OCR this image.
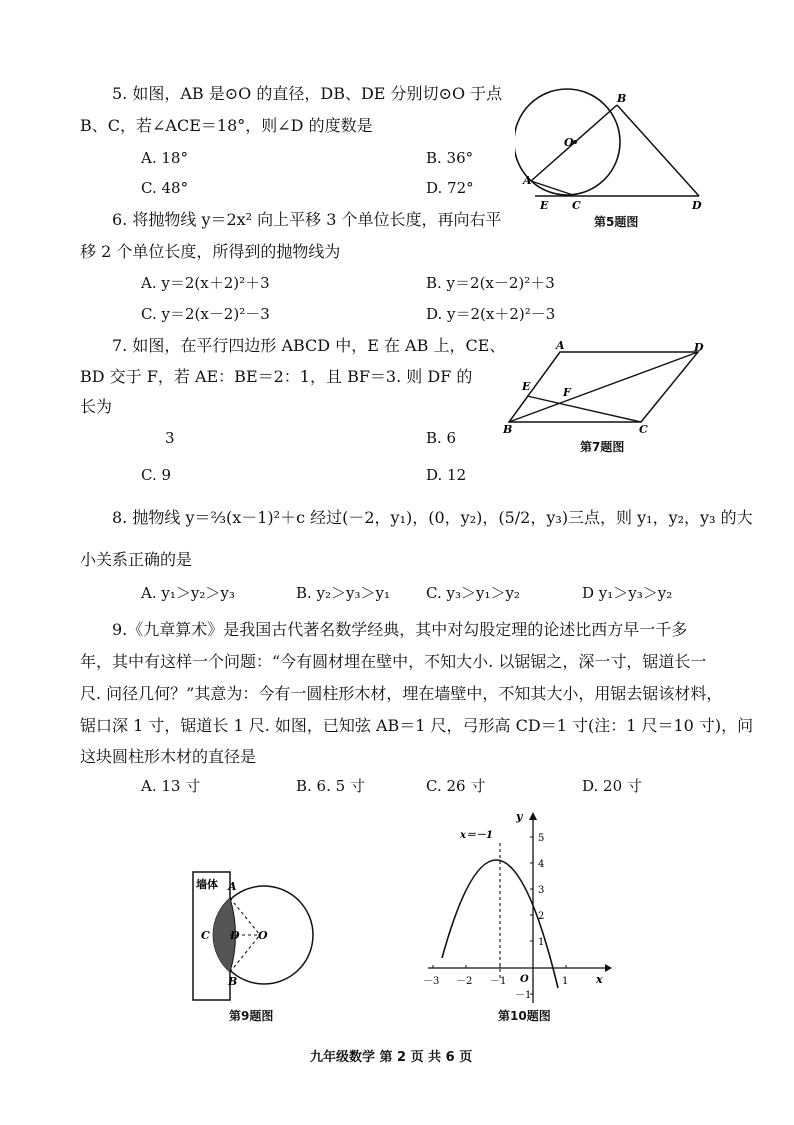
5. 如图，AB 是⊙O 的直径，DB、DE 分别切⊙O 于点
B、C，若∠ACE＝18°，则∠D 的度数是
A. 18°	B. 36°
C. 48°	D. 72°
B
O
A
E C	D
第5题图
6. 将抛物线 y＝2x² 向上平移 3 个单位长度，再向右平
移 2 个单位长度，所得到的抛物线为
A. y＝2(x＋2)²＋3	B. y＝2(x－2)²＋3
C. y＝2(x－2)²－3	D. y＝2(x＋2)²－3
7. 如图，在平行四边形 ABCD 中，E 在 AB 上，CE、
BD 交于 F，若 AE：BE＝2：1，且 BF＝3. 则 DF 的
长为
3	B. 6
C. 9	D. 12
A	D
E	F
B	C
第7题图
8. 抛物线 y＝⅔(x－1)²＋c 经过(－2，y₁)，(0，y₂)，(5/2，y₃)三点，则 y₁，y₂，y₃ 的大
小关系正确的是
A. y₁＞y₂＞y₃	B. y₂＞y₃＞y₁ C. y₃＞y₁＞y₂	D y₁＞y₃＞y₂
9.《九章算术》是我国古代著名数学经典，其中对勾股定理的论述比西方早一千多
年，其中有这样一个问题：“今有圆材埋在壁中，不知大小. 以锯锯之，深一寸，锯道长一
尺. 问径几何？”其意为：今有一圆柱形木材，埋在墙壁中，不知其大小，用锯去锯该材料，
锯口深 1 寸，锯道长 1 尺. 如图，已知弦 AB＝1 尺，弓形高 CD＝1 寸(注：1 尺＝10 寸)，问
这块圆柱形木材的直径是
A. 13 寸	B. 6. 5 寸	C. 26 寸	D. 20 寸
墙体 A
C D O
B
第9题图
x＝－1
y
x
O
5
4
3
2
1
－1
－3 －2 －1	1
第10题图
九年级数学 第 2 页 共 6 页
